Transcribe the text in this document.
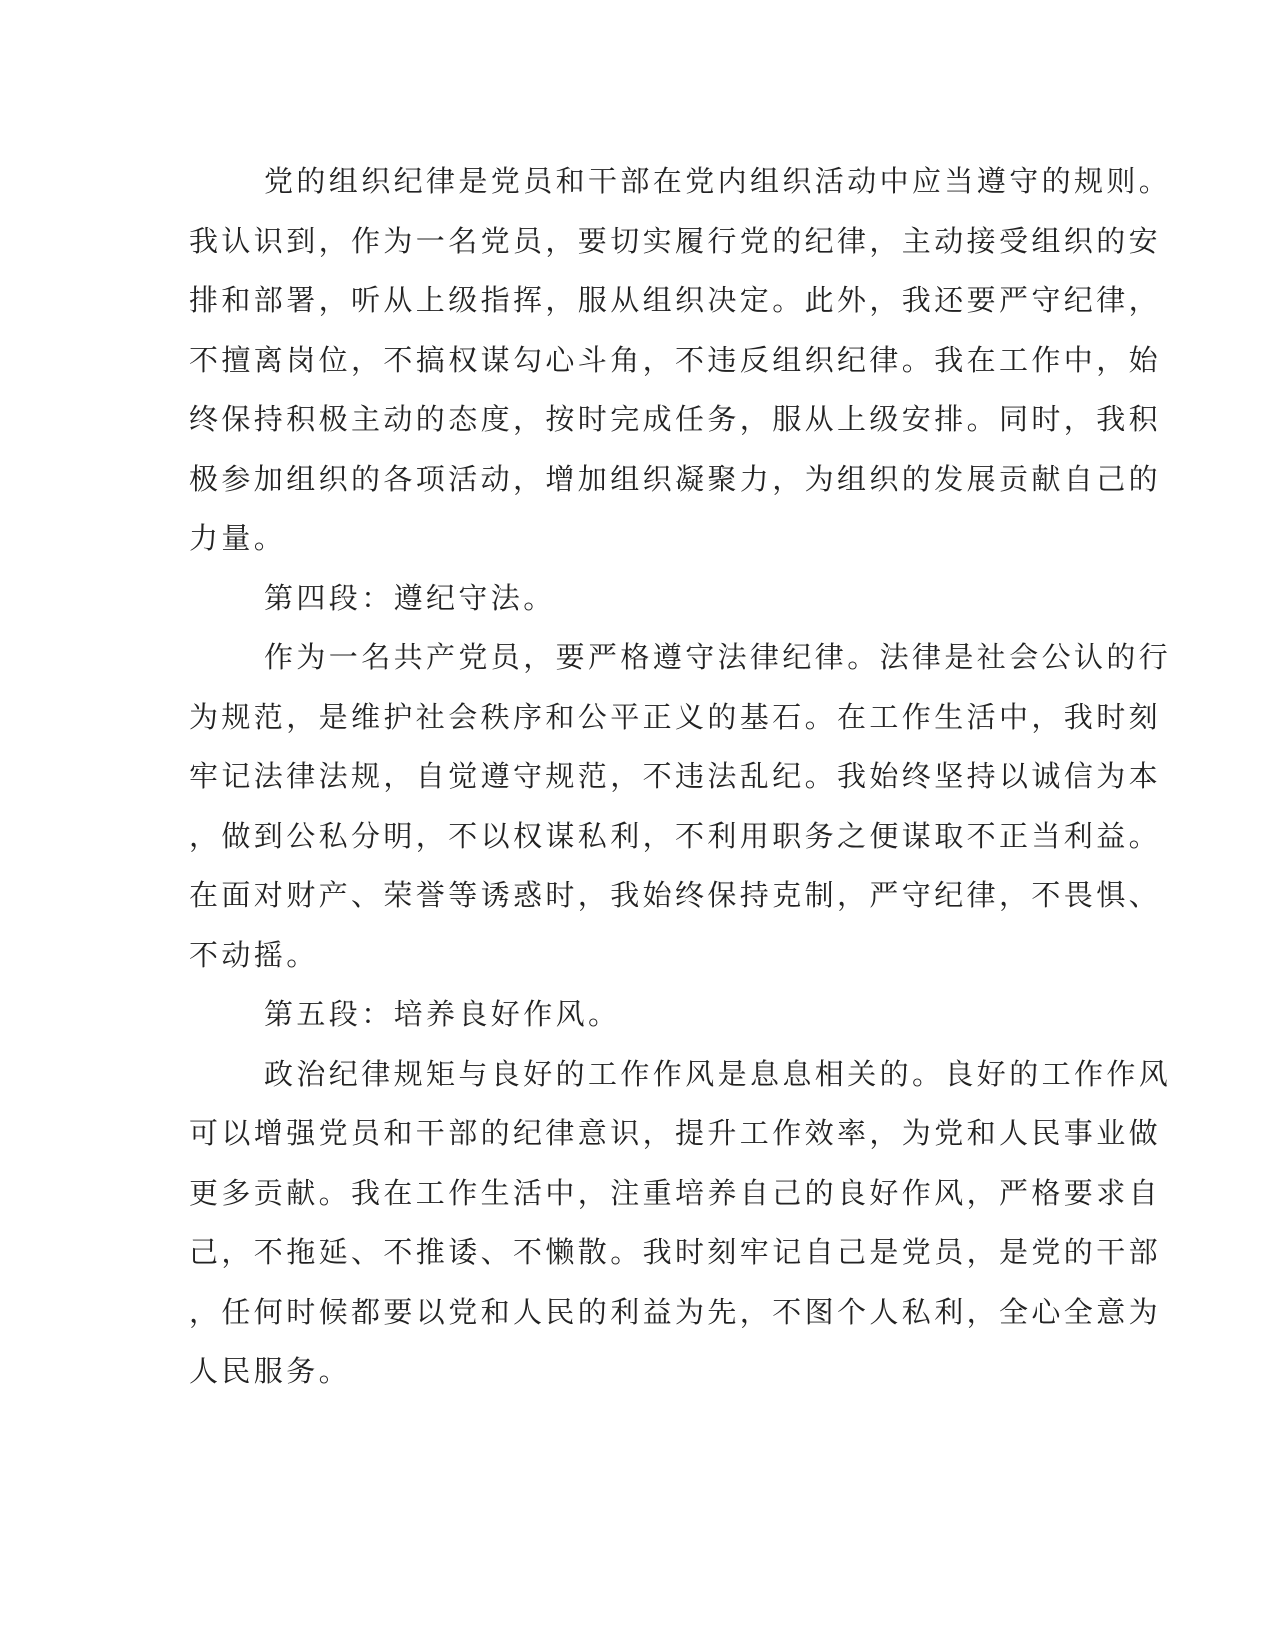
党的组织纪律是党员和干部在党内组织活动中应当遵守的规则。
我认识到，作为一名党员，要切实履行党的纪律，主动接受组织的安
排和部署，听从上级指挥，服从组织决定。此外，我还要严守纪律，
不擅离岗位，不搞权谋勾心斗角，不违反组织纪律。我在工作中，始
终保持积极主动的态度，按时完成任务，服从上级安排。同时，我积
极参加组织的各项活动，增加组织凝聚力，为组织的发展贡献自己的
力量。
第四段：遵纪守法。
作为一名共产党员，要严格遵守法律纪律。法律是社会公认的行
为规范，是维护社会秩序和公平正义的基石。在工作生活中，我时刻
牢记法律法规，自觉遵守规范，不违法乱纪。我始终坚持以诚信为本
，做到公私分明，不以权谋私利，不利用职务之便谋取不正当利益。
在面对财产、荣誉等诱惑时，我始终保持克制，严守纪律，不畏惧、
不动摇。
第五段：培养良好作风。
政治纪律规矩与良好的工作作风是息息相关的。良好的工作作风
可以增强党员和干部的纪律意识，提升工作效率，为党和人民事业做
更多贡献。我在工作生活中，注重培养自己的良好作风，严格要求自
己，不拖延、不推诿、不懒散。我时刻牢记自己是党员，是党的干部
，任何时候都要以党和人民的利益为先，不图个人私利，全心全意为
人民服务。
